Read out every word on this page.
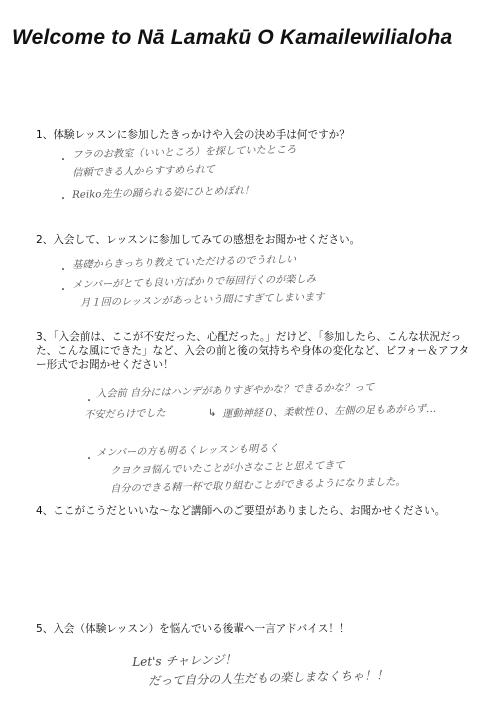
Welcome to Nā Lamakū O Kamailewilialoha
1、体験レッスンに参加したきっかけや入会の決め手は何ですか？
・ フラのお教室（いいところ）を探していたところ

信頼できる人からすすめられて

・ Reiko先生の踊られる姿にひとめぼれ！

2、入会して、レッスンに参加してみての感想をお聞かせください。
・ 基礎からきっちり教えていただけるのでうれしい

・ メンバーがとても良い方ばかりで毎回行くのが楽しみ

月１回のレッスンがあっという間にすぎてしまいます

3、「入会前は、ここが不安だった、心配だった。」だけど、「参加したら、こんな状況だった、こんな風にできた」など、入会の前と後の気持ちや身体の変化など、ビフォー＆アフター形式でお聞かせください！
・

入会前 自分にはハンデがありすぎやかな？できるかな？って

不安だらけでした	↳ 運動神経０、柔軟性０、左側の足もあがらず…

・

メンバーの方も明るくレッスンも明るく

クヨクヨ悩んでいたことが小さなことと思えてきて

自分のできる精一杯で取り組むことができるようになりました。

4、ここがこうだといいな～など講師へのご要望がありましたら、お聞かせください。
5、入会（体験レッスン）を悩んでいる後輩へ一言アドバイス！！

Let's チャレンジ！

だって自分の人生だもの楽しまなくちゃ！！
